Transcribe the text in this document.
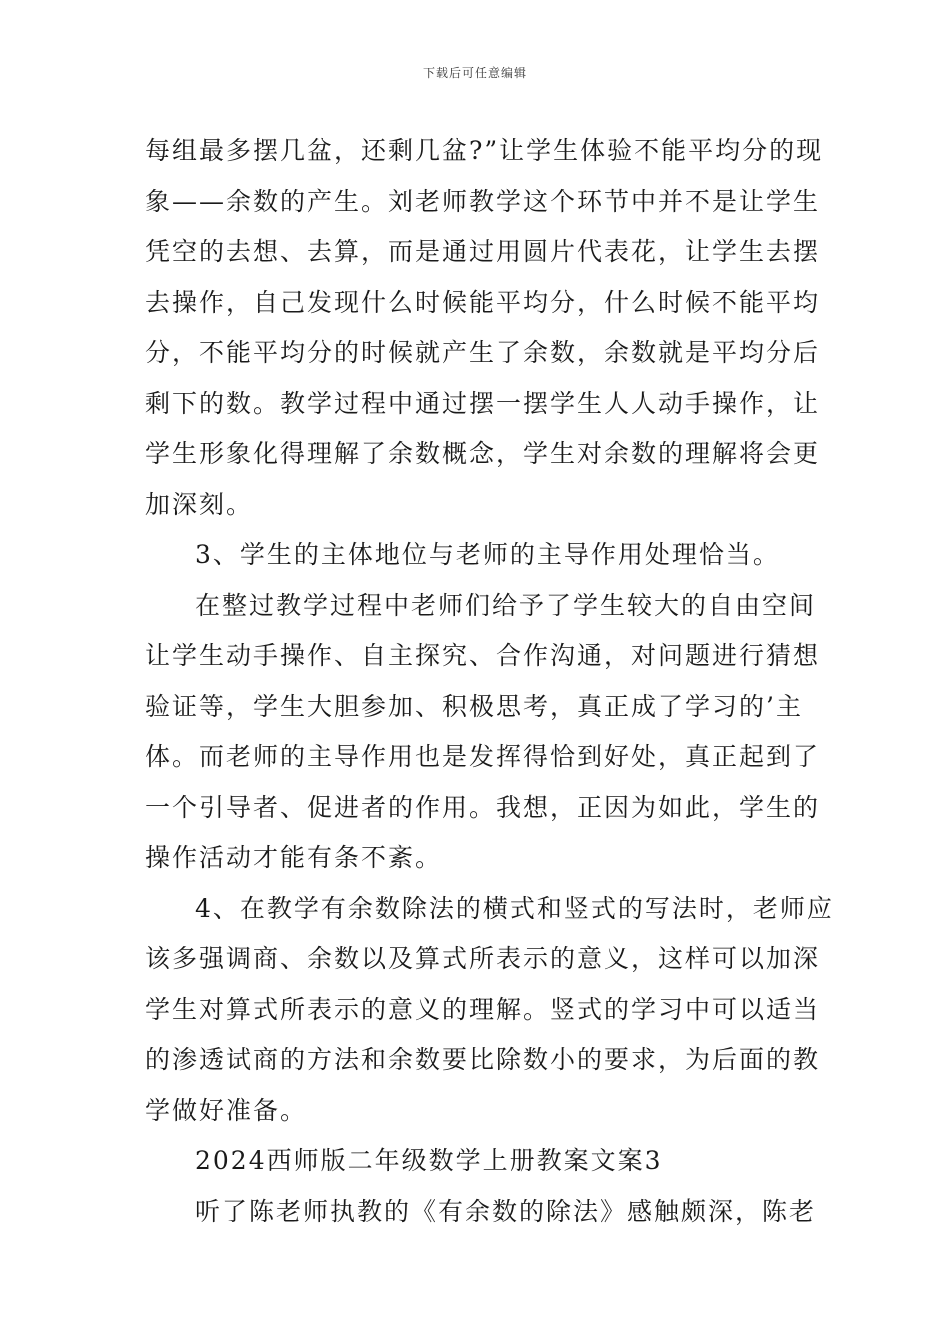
下载后可任意编辑
每组最多摆几盆，还剩几盆?”让学生体验不能平均分的现
象——余数的产生。刘老师教学这个环节中并不是让学生
凭空的去想、去算，而是通过用圆片代表花，让学生去摆
去操作，自己发现什么时候能平均分，什么时候不能平均
分，不能平均分的时候就产生了余数，余数就是平均分后
剩下的数。教学过程中通过摆一摆学生人人动手操作，让
学生形象化得理解了余数概念，学生对余数的理解将会更
加深刻。
3、学生的主体地位与老师的主导作用处理恰当。
在整过教学过程中老师们给予了学生较大的自由空间
让学生动手操作、自主探究、合作沟通，对问题进行猜想
验证等，学生大胆参加、积极思考，真正成了学习的’主
体。而老师的主导作用也是发挥得恰到好处，真正起到了
一个引导者、促进者的作用。我想，正因为如此，学生的
操作活动才能有条不紊。
4、在教学有余数除法的横式和竖式的写法时，老师应
该多强调商、余数以及算式所表示的意义，这样可以加深
学生对算式所表示的意义的理解。竖式的学习中可以适当
的渗透试商的方法和余数要比除数小的要求，为后面的教
学做好准备。
2024西师版二年级数学上册教案文案3
听了陈老师执教的《有余数的除法》感触颇深，陈老
